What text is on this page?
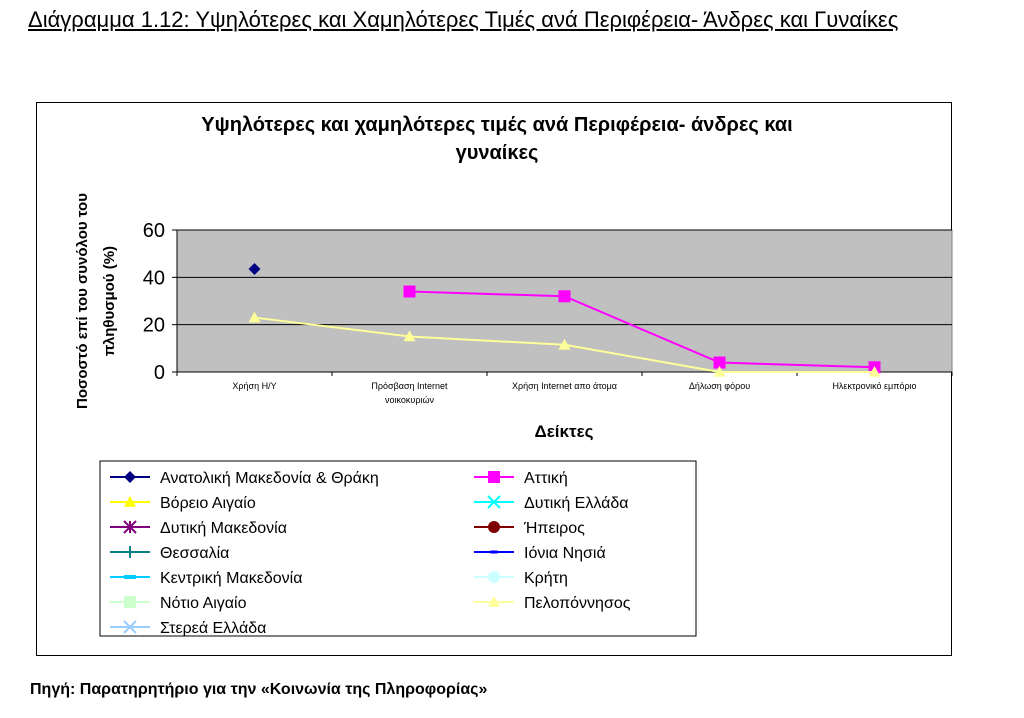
Διάγραμμα 1.12: Υψηλότερες και Χαμηλότερες Τιμές ανά Περιφέρεια- Άνδρες και Γυναίκες
Υψηλότερες και χαμηλότερες τιμές ανά Περιφέρεια- άνδρες και
γυναίκες
Ποσοστό επί του συνόλου του πληθυσμού (%)
0
20
40
60
Χρήση Η/Υ	Πρόσβαση Internet
νοικοκυριών
Χρήση Internet απο άτομα	Δήλωση φόρου	Ηλεκτρονικό εμπόριο
Δείκτες
Ανατολική Μακεδονία & Θράκη	Αττική
Βόρειο Αιγαίο	Δυτική Ελλάδα
Δυτική Μακεδονία	Ήπειρος
Θεσσαλία	Ιόνια Νησιά
Κεντρική Μακεδονία	Κρήτη
Νότιο Αιγαίο	Πελοπόννησος
Στερεά Ελλάδα
Πηγή: Παρατηρητήριο για την «Κοινωνία της Πληροφορίας»
